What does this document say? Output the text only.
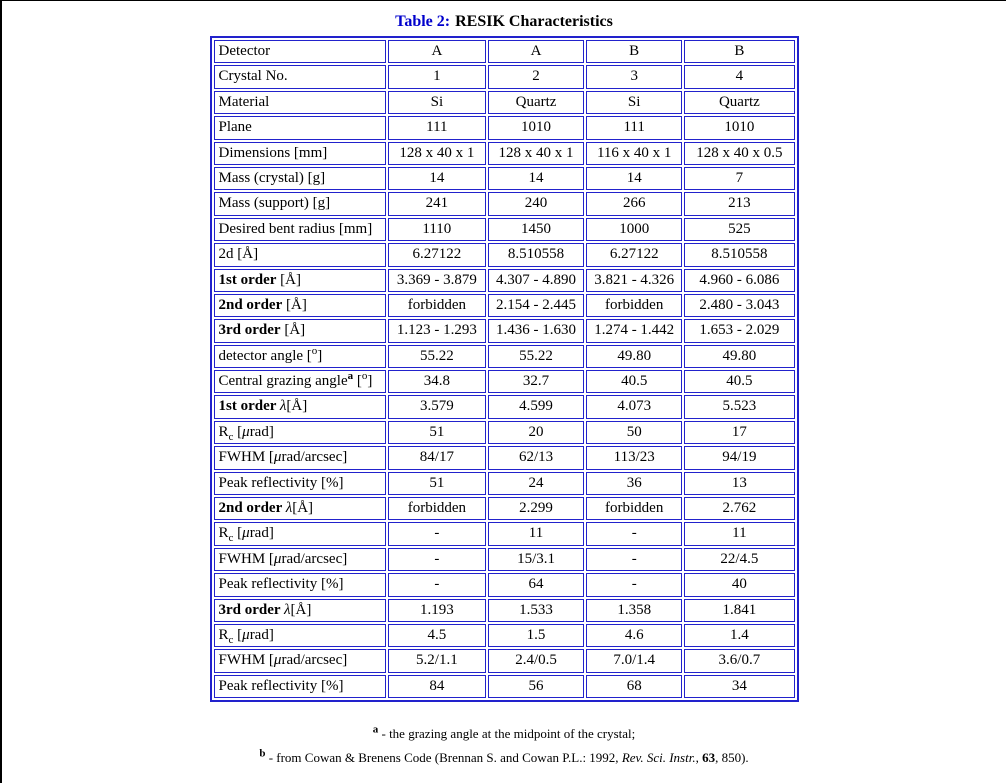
Table 2: RESIK Characteristics
Detector	A	A	B	B
Crystal No.	1	2	3	4
Material	Si	Quartz	Si	Quartz
Plane	111	1010	111	1010
Dimensions [mm]	128 x 40 x 1	128 x 40 x 1	116 x 40 x 1	128 x 40 x 0.5
Mass (crystal) [g]	14	14	14	7
Mass (support) [g]	241	240	266	213
Desired bent radius [mm]	1110	1450	1000	525
2d [Å]	6.27122	8.510558	6.27122	8.510558
1st order [Å]	3.369 - 3.879	4.307 - 4.890	3.821 - 4.326	4.960 - 6.086
2nd order [Å]	forbidden	2.154 - 2.445	forbidden	2.480 - 3.043
3rd order [Å]	1.123 - 1.293	1.436 - 1.630	1.274 - 1.442	1.653 - 2.029
detector angle [$^o$]	55.22	55.22	49.80	49.80
Central grazing angle$^a$ [$^o$]	34.8	32.7	40.5	40.5
1st order λ[Å]	3.579	4.599	4.073	5.523
$R_c$ [μrad]	51	20	50	17
FWHM [μrad/arcsec]	84/17	62/13	113/23	94/19
Peak reflectivity [%]	51	24	36	13
2nd order λ[Å]	forbidden	2.299	forbidden	2.762
$R_c$ [μrad]	-	11	-	11
FWHM [μrad/arcsec]	-	15/3.1	-	22/4.5
Peak reflectivity [%]	-	64	-	40
3rd order λ[Å]	1.193	1.533	1.358	1.841
$R_c$ [μrad]	4.5	1.5	4.6	1.4
FWHM [μrad/arcsec]	5.2/1.1	2.4/0.5	7.0/1.4	3.6/0.7
Peak reflectivity [%]	84	56	68	34

$^a$ - the grazing angle at the midpoint of the crystal;

$^b$ - from Cowan & Brenens Code (Brennan S. and Cowan P.L.: 1992, Rev. Sci. Instr., 63, 850).
